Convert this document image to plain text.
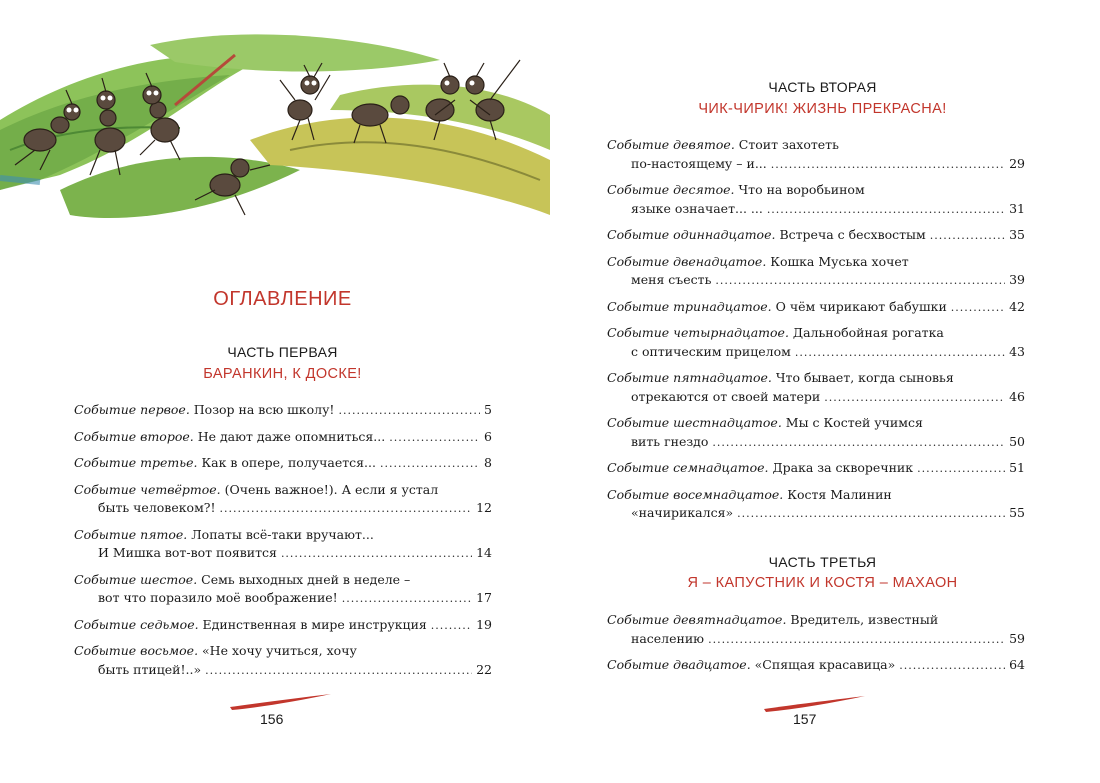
ОГЛАВЛЕНИЕ
ЧАСТЬ ПЕРВАЯ
БАРАНКИН, К ДОСКЕ!
Событие первое. Позор на всю школу! .....	5
Событие второе. Не дают даже опомниться... .....	6
Событие третье. Как в опере, получается... .....	8
Событие четвёртое. (Очень важное!). А если я устал
быть человеком?! .....	12
Событие пятое. Лопаты всё-таки вручают...
И Мишка вот-вот появится .....	14
Событие шестое. Семь выходных дней в неделе –
вот что поразило моё воображение! .....	17
Событие седьмое. Единственная в мире инструкция .....	19
Событие восьмое. «Не хочу учиться, хочу
быть птицей!..» .....	22
156
ЧАСТЬ ВТОРАЯ
ЧИК-ЧИРИК! ЖИЗНЬ ПРЕКРАСНА!
Событие девятое. Стоит захотеть
по-настоящему – и... .....	29
Событие десятое. Что на воробьином
языке означает... ... .....	31
Событие одиннадцатое. Встреча с бесхвостым .....	35
Событие двенадцатое. Кошка Муська хочет
меня съесть .....	39
Событие тринадцатое. О чём чирикают бабушки .....	42
Событие четырнадцатое. Дальнобойная рогатка
с оптическим прицелом .....	43
Событие пятнадцатое. Что бывает, когда сыновья
отрекаются от своей матери .....	46
Событие шестнадцатое. Мы с Костей учимся
вить гнездо .....	50
Событие семнадцатое. Драка за скворечник .....	51
Событие восемнадцатое. Костя Малинин
«начирикался» .....	55
ЧАСТЬ ТРЕТЬЯ
Я – КАПУСТНИК И КОСТЯ – МАХАОН
Событие девятнадцатое. Вредитель, известный
населению .....	59
Событие двадцатое. «Спящая красавица» .....	64
157
